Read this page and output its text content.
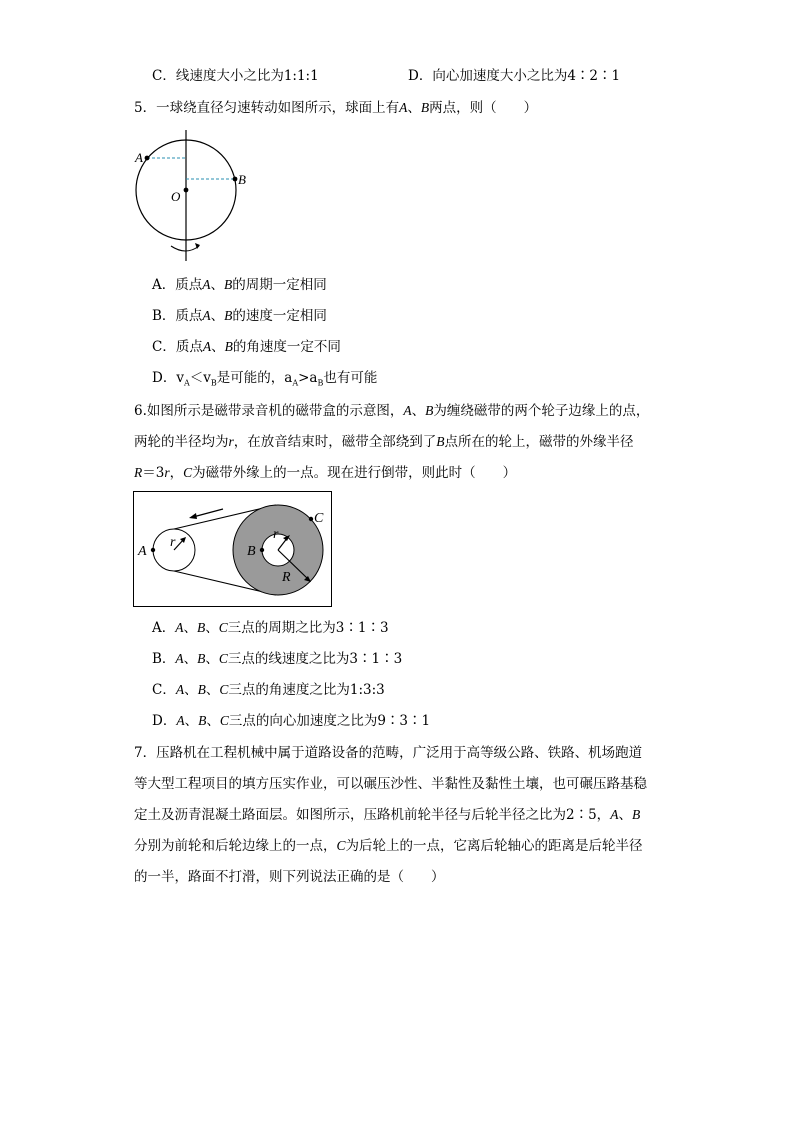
C．线速度大小之比为1:1:1	D．向心加速度大小之比为4∶2∶1
5．一球绕直径匀速转动如图所示，球面上有A、B两点，则（　　）
A
B
O
A．质点A、B的周期一定相同
B．质点A、B的速度一定相同
C．质点A、B的角速度一定不同
D．$v_A<v_B$是可能的，$a_A>a_B$也有可能
6.如图所示是磁带录音机的磁带盒的示意图，A、B为缠绕磁带的两个轮子边缘上的点，
两轮的半径均为r，在放音结束时，磁带全部绕到了B点所在的轮上，磁带的外缘半径
R＝3r，C为磁带外缘上的一点。现在进行倒带，则此时（　　）
A	B
C
r
r
R
A．A、B、C三点的周期之比为3∶1∶3
B．A、B、C三点的线速度之比为3∶1∶3
C．A、B、C三点的角速度之比为1:3:3
D．A、B、C三点的向心加速度之比为9∶3∶1
7．压路机在工程机械中属于道路设备的范畴，广泛用于高等级公路、铁路、机场跑道
等大型工程项目的填方压实作业，可以碾压沙性、半黏性及黏性土壤，也可碾压路基稳
定土及沥青混凝土路面层。如图所示，压路机前轮半径与后轮半径之比为2∶5，A、B
分别为前轮和后轮边缘上的一点，C为后轮上的一点，它离后轮轴心的距离是后轮半径
的一半，路面不打滑，则下列说法正确的是（　　）
